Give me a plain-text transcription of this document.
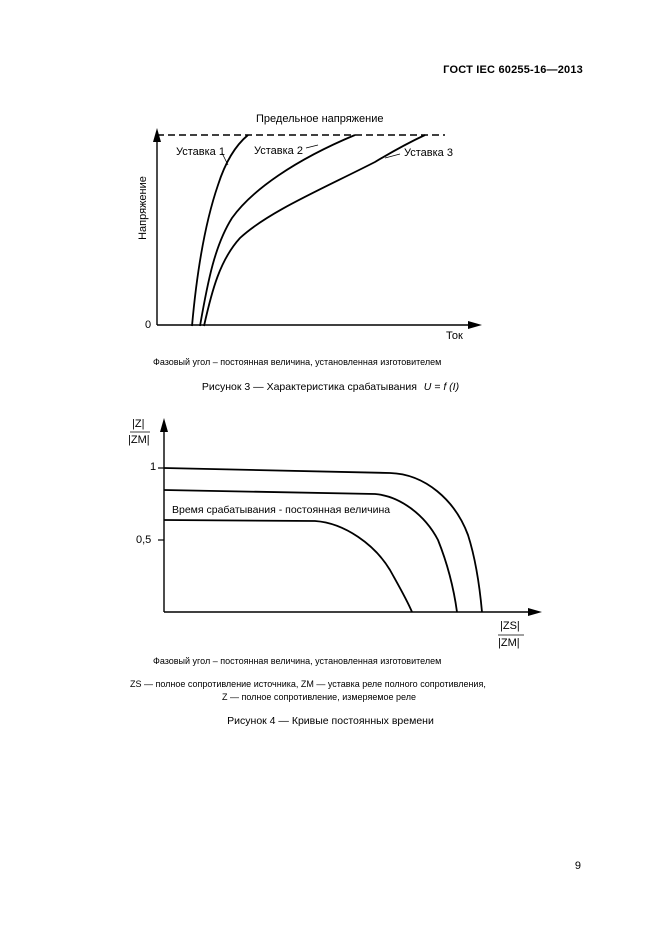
ГОСТ IEC 60255-16—2013
Напряжение
Предельное напряжение
Уставка 1	Уставка 2	Уставка 3
0
Ток
Фазовый угол – постоянная величина, установленная изготовителем
Рисунок 3 — Характеристика срабатывания U = f (I)
|Z|
|ZM|
1
0,5
Время срабатывания - постоянная величина
|ZS|
|ZM|
Фазовый угол – постоянная величина, установленная изготовителем
ZS — полное сопротивление источника, ZM — уставка реле полного сопротивления,
Z — полное сопротивление, измеряемое реле
Рисунок 4 — Кривые постоянных времени
9
